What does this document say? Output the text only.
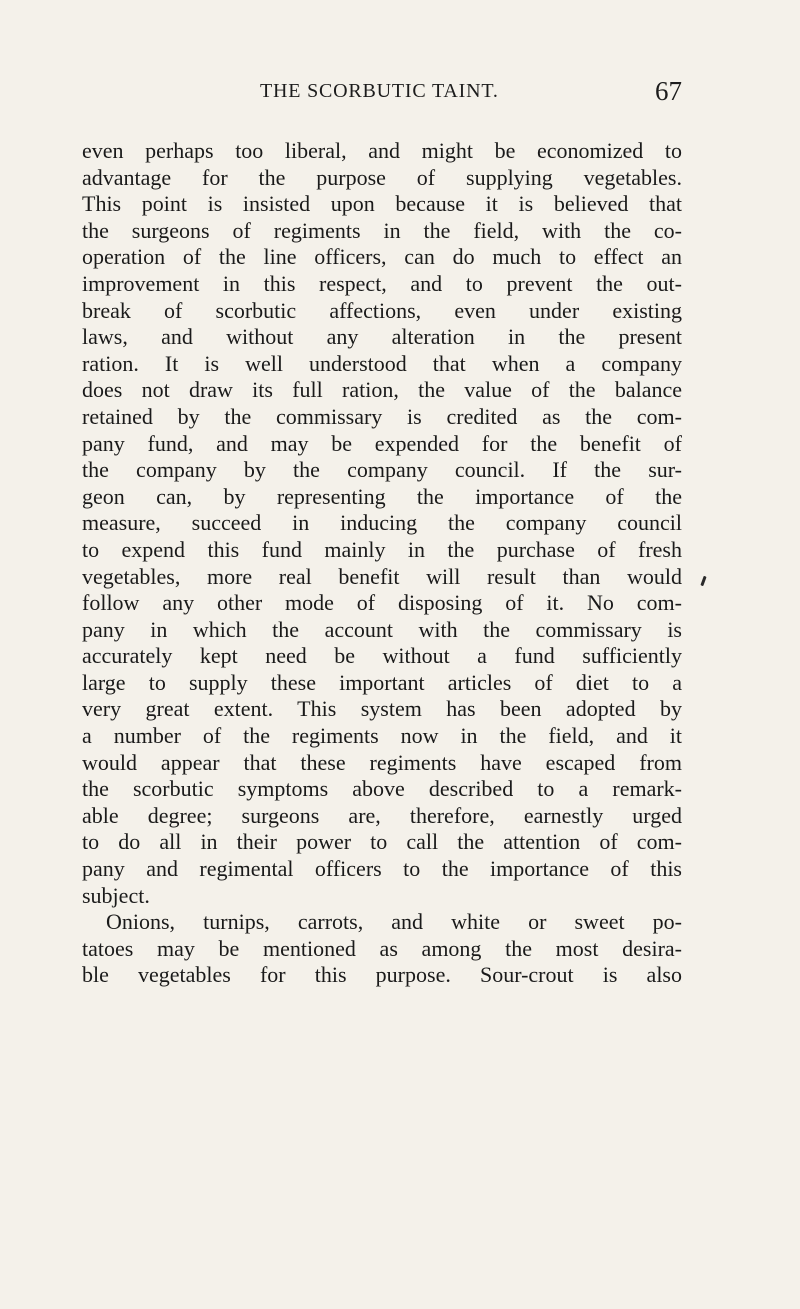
THE SCORBUTIC TAINT.	67
even perhaps too liberal, and might be economized to
advantage for the purpose of supplying vegetables.
This point is insisted upon because it is believed that
the surgeons of regiments in the field, with the co-
operation of the line officers, can do much to effect an
improvement in this respect, and to prevent the out-
break of scorbutic affections, even under existing
laws, and without any alteration in the present
ration. It is well understood that when a company
does not draw its full ration, the value of the balance
retained by the commissary is credited as the com-
pany fund, and may be expended for the benefit of
the company by the company council. If the sur-
geon can, by representing the importance of the
measure, succeed in inducing the company council
to expend this fund mainly in the purchase of fresh
vegetables, more real benefit will result than would
follow any other mode of disposing of it. No com-
pany in which the account with the commissary is
accurately kept need be without a fund sufficiently
large to supply these important articles of diet to a
very great extent. This system has been adopted by
a number of the regiments now in the field, and it
would appear that these regiments have escaped from
the scorbutic symptoms above described to a remark-
able degree; surgeons are, therefore, earnestly urged
to do all in their power to call the attention of com-
pany and regimental officers to the importance of this
subject.
Onions, turnips, carrots, and white or sweet po-
tatoes may be mentioned as among the most desira-
ble vegetables for this purpose. Sour-crout is also
